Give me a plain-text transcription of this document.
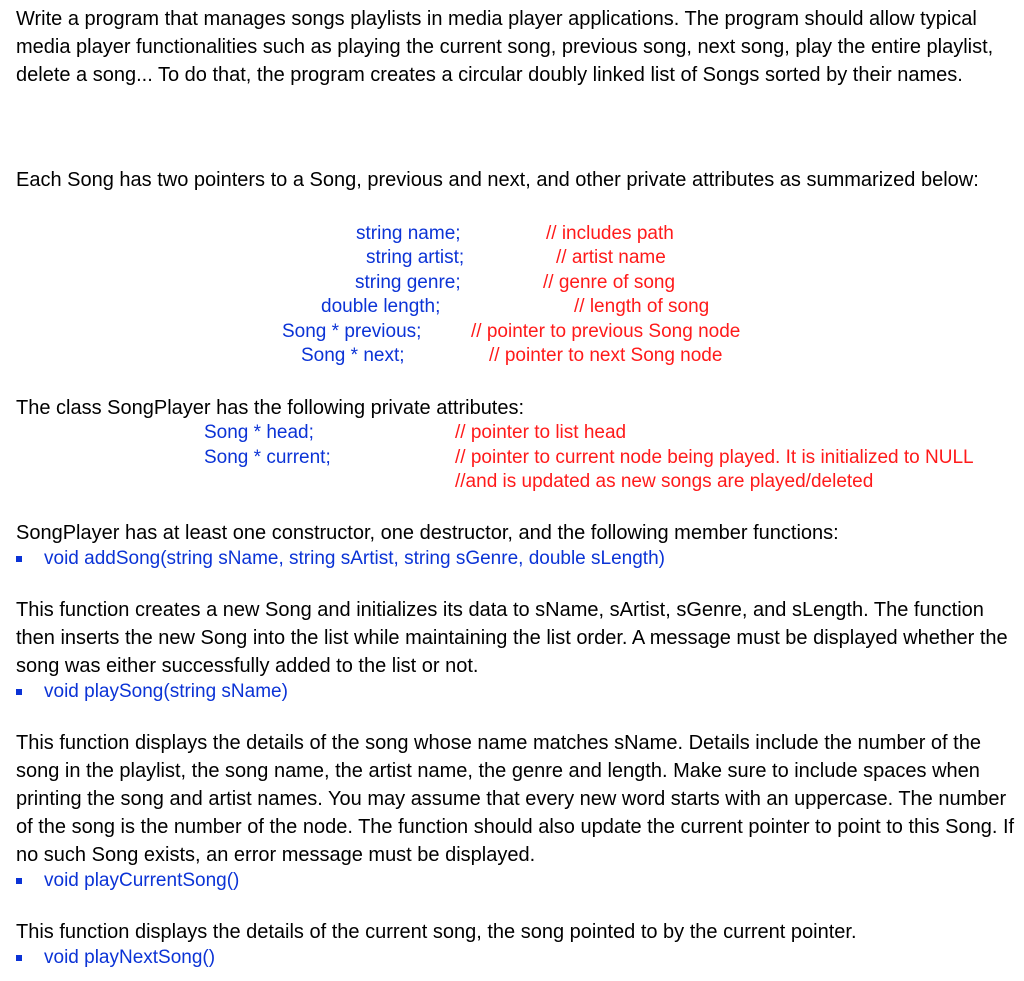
Write a program that manages songs playlists in media player applications. The program should allow typical media player functionalities such as playing the current song, previous song, next song, play the entire playlist, delete a song... To do that, the program creates a circular doubly linked list of Songs sorted by their names.

Each Song has two pointers to a Song, previous and next, and other private attributes as summarized below:

string name;
string artist;
string genre;
double length;
Song * previous;
Song * next;
// includes path
// artist name
// genre of song
// length of song
// pointer to previous Song node
// pointer to next Song node

The class SongPlayer has the following private attributes:

Song * head;
Song * current;
// pointer to list head
// pointer to current node being played. It is initialized to NULL
//and is updated as new songs are played/deleted

SongPlayer has at least one constructor, one destructor, and the following member functions:

void addSong(string sName, string sArtist, string sGenre, double sLength)

This function creates a new Song and initializes its data to sName, sArtist, sGenre, and sLength. The function then inserts the new Song into the list while maintaining the list order. A message must be displayed whether the song was either successfully added to the list or not.

void playSong(string sName)

This function displays the details of the song whose name matches sName. Details include the number of the song in the playlist, the song name, the artist name, the genre and length. Make sure to include spaces when printing the song and artist names. You may assume that every new word starts with an uppercase. The number of the song is the number of the node. The function should also update the current pointer to point to this Song. If no such Song exists, an error message must be displayed.

void playCurrentSong()

This function displays the details of the current song, the song pointed to by the current pointer.

void playNextSong()
